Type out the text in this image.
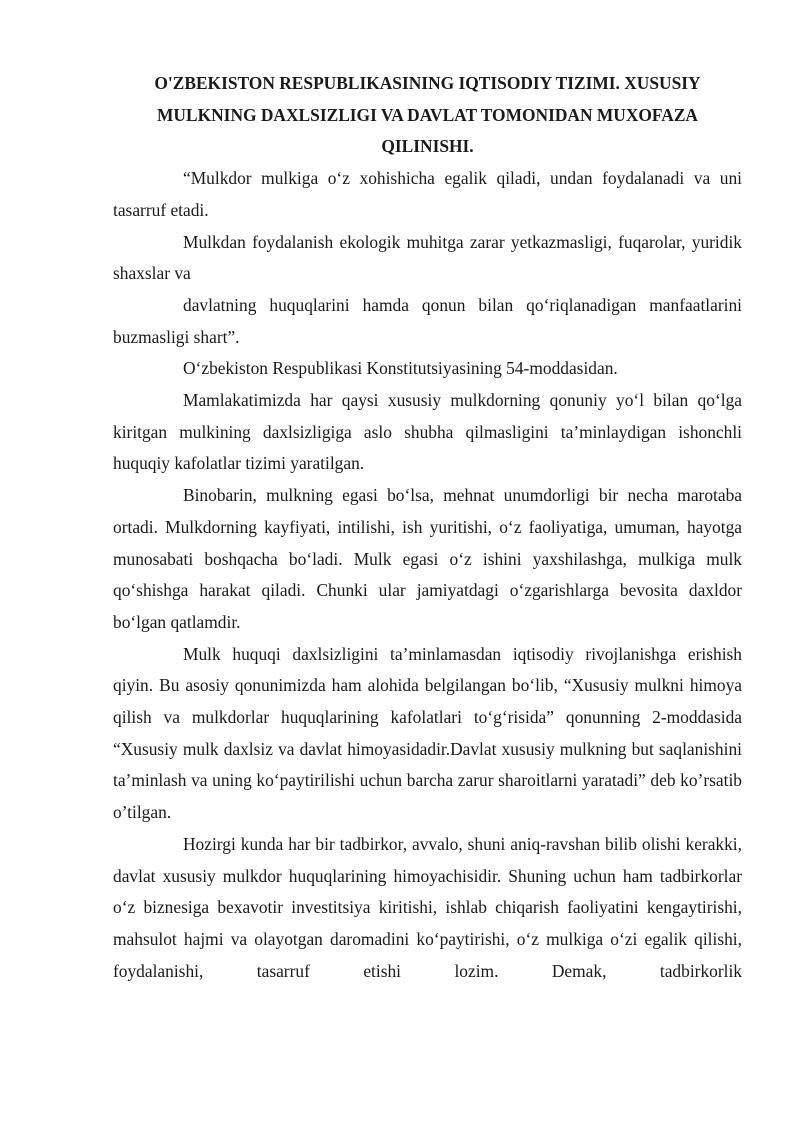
O'ZBEKISTON RESPUBLIKASINING IQTISODIY TIZIMI. XUSUSIY MULKNING DAXLSIZLIGI VA DAVLAT TOMONIDAN MUXOFAZA QILINISHI.

“Mulkdor mulkiga o‘z xohishicha egalik qiladi, undan foydalanadi va uni tasarruf etadi.

Mulkdan foydalanish ekologik muhitga zarar yetkazmasligi, fuqarolar, yuridik shaxslar va

davlatning huquqlarini hamda qonun bilan qo‘riqlanadigan manfaatlarini buzmasligi shart”.

O‘zbekiston Respublikasi Konstitutsiyasining 54-moddasidan.

Mamlakatimizda har qaysi xususiy mulkdorning qonuniy yo‘l bilan qo‘lga kiritgan mulkining daxlsizligiga aslo shubha qilmasligini ta’minlaydigan ishonchli huquqiy kafolatlar tizimi yaratilgan.

Binobarin, mulkning egasi bo‘lsa, mehnat unumdorligi bir necha marotaba ortadi. Mulkdorning kayfiyati, intilishi, ish yuritishi, o‘z faoliyatiga, umuman, hayotga munosabati boshqacha bo‘ladi. Mulk egasi o‘z ishini yaxshilashga, mulkiga mulk qo‘shishga harakat qiladi. Chunki ular jamiyatdagi o‘zgarishlarga bevosita daxldor bo‘lgan qatlamdir.

Mulk huquqi daxlsizligini ta’minlamasdan iqtisodiy rivojlanishga erishish qiyin. Bu asosiy qonunimizda ham alohida belgilangan bo‘lib, “Xususiy mulkni himoya qilish va mulkdorlar huquqlarining kafolatlari to‘g‘risida” qonunning 2-moddasida “Xususiy mulk daxlsiz va davlat himoyasidadir.Davlat xususiy mulkning but saqlanishini ta’minlash va uning ko‘paytirilishi uchun barcha zarur sharoitlarni yaratadi” deb ko’rsatib o’tilgan.

Hozirgi kunda har bir tadbirkor, avvalo, shuni aniq-ravshan bilib olishi kerakki, davlat xususiy mulkdor huquqlarining himoyachisidir. Shuning uchun ham tadbirkorlar o‘z biznesiga bexavotir investitsiya kiritishi, ishlab chiqarish faoliyatini kengaytirishi, mahsulot hajmi va olayotgan daromadini ko‘paytirishi, o‘z mulkiga o‘zi egalik qilishi, foydalanishi, tasarruf etishi lozim. Demak, tadbirkorlik
